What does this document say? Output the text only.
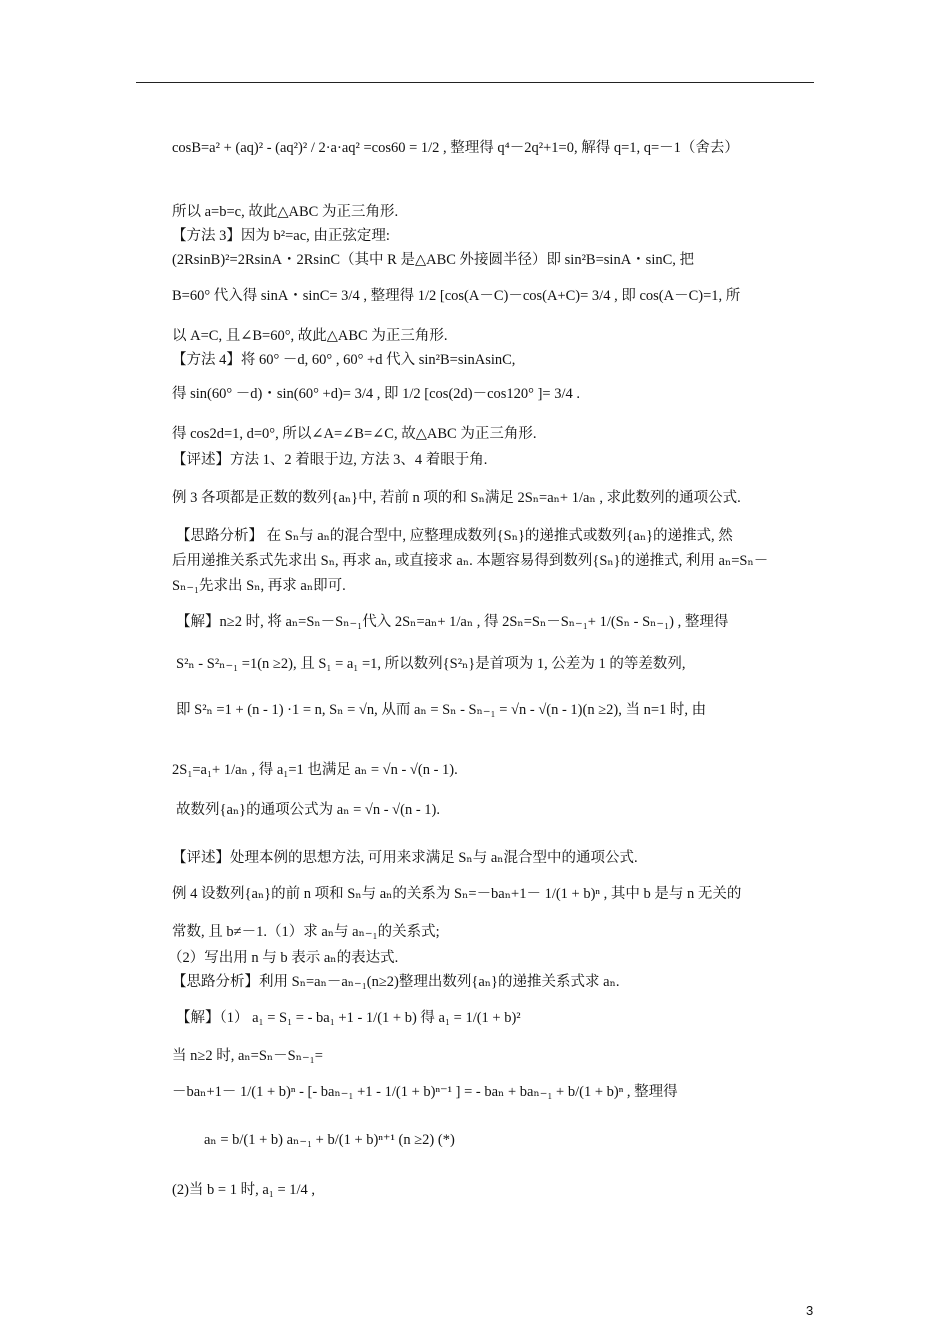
cosB=a² + (aq)² - (aq²)² / 2·a·aq² =cos60 = 1/2 , 整理得 q⁴－2q²+1=0, 解得 q=1, q=－1（舍去）
所以 a=b=c, 故此△ABC 为正三角形.
【方法 3】因为 b²=ac, 由正弦定理:
(2RsinB)²=2RsinA・2RsinC（其中 R 是△ABC 外接圆半径）即 sin²B=sinA・sinC, 把
B=60° 代入得 sinA・sinC= 3/4 , 整理得 1/2 [cos(A－C)－cos(A+C)= 3/4 , 即 cos(A－C)=1, 所
以 A=C, 且∠B=60°, 故此△ABC 为正三角形.
【方法 4】将 60° －d, 60° , 60° +d 代入 sin²B=sinAsinC,
得 sin(60° －d)・sin(60° +d)= 3/4 , 即 1/2 [cos(2d)－cos120° ]= 3/4 .
得 cos2d=1, d=0°, 所以∠A=∠B=∠C, 故△ABC 为正三角形.
【评述】方法 1、2 着眼于边, 方法 3、4 着眼于角.
例 3 各项都是正数的数列{aₙ}中, 若前 n 项的和 Sₙ满足 2Sₙ=aₙ+ 1/aₙ , 求此数列的通项公式.
【思路分析】 在 Sₙ与 aₙ的混合型中, 应整理成数列{Sₙ}的递推式或数列{aₙ}的递推式, 然
后用递推关系式先求出 Sₙ, 再求 aₙ, 或直接求 aₙ. 本题容易得到数列{Sₙ}的递推式, 利用 aₙ=Sₙ－
Sₙ₋₁先求出 Sₙ, 再求 aₙ即可.
【解】n≥2 时, 将 aₙ=Sₙ－Sₙ₋₁代入 2Sₙ=aₙ+ 1/aₙ , 得 2Sₙ=Sₙ－Sₙ₋₁+ 1/(Sₙ - Sₙ₋₁) , 整理得
S²ₙ - S²ₙ₋₁ =1(n ≥2), 且 S₁ = a₁ =1, 所以数列{S²ₙ}是首项为 1, 公差为 1 的等差数列,
即 S²ₙ =1 + (n - 1) ·1 = n, Sₙ = √n, 从而 aₙ = Sₙ - Sₙ₋₁ = √n - √(n - 1)(n ≥2), 当 n=1 时, 由
2S₁=a₁+ 1/aₙ , 得 a₁=1 也满足 aₙ = √n - √(n - 1).
故数列{aₙ}的通项公式为 aₙ = √n - √(n - 1).
【评述】处理本例的思想方法, 可用来求满足 Sₙ与 aₙ混合型中的通项公式.
例 4 设数列{aₙ}的前 n 项和 Sₙ与 aₙ的关系为 Sₙ=－baₙ+1－ 1/(1 + b)ⁿ , 其中 b 是与 n 无关的
常数, 且 b≠－1.（1）求 aₙ与 aₙ₋₁的关系式;
（2）写出用 n 与 b 表示 aₙ的表达式.
【思路分析】利用 Sₙ=aₙ－aₙ₋₁(n≥2)整理出数列{aₙ}的递推关系式求 aₙ.
【解】（1） a₁ = S₁ = - ba₁ +1 - 1/(1 + b) 得 a₁ = 1/(1 + b)²
当 n≥2 时, aₙ=Sₙ－Sₙ₋₁=
－baₙ+1－ 1/(1 + b)ⁿ - [- baₙ₋₁ +1 - 1/(1 + b)ⁿ⁻¹ ] = - baₙ + baₙ₋₁ + b/(1 + b)ⁿ , 整理得
aₙ = b/(1 + b) aₙ₋₁ + b/(1 + b)ⁿ⁺¹ (n ≥2) (*)
(2)当 b = 1 时, a₁ = 1/4 ,
3
